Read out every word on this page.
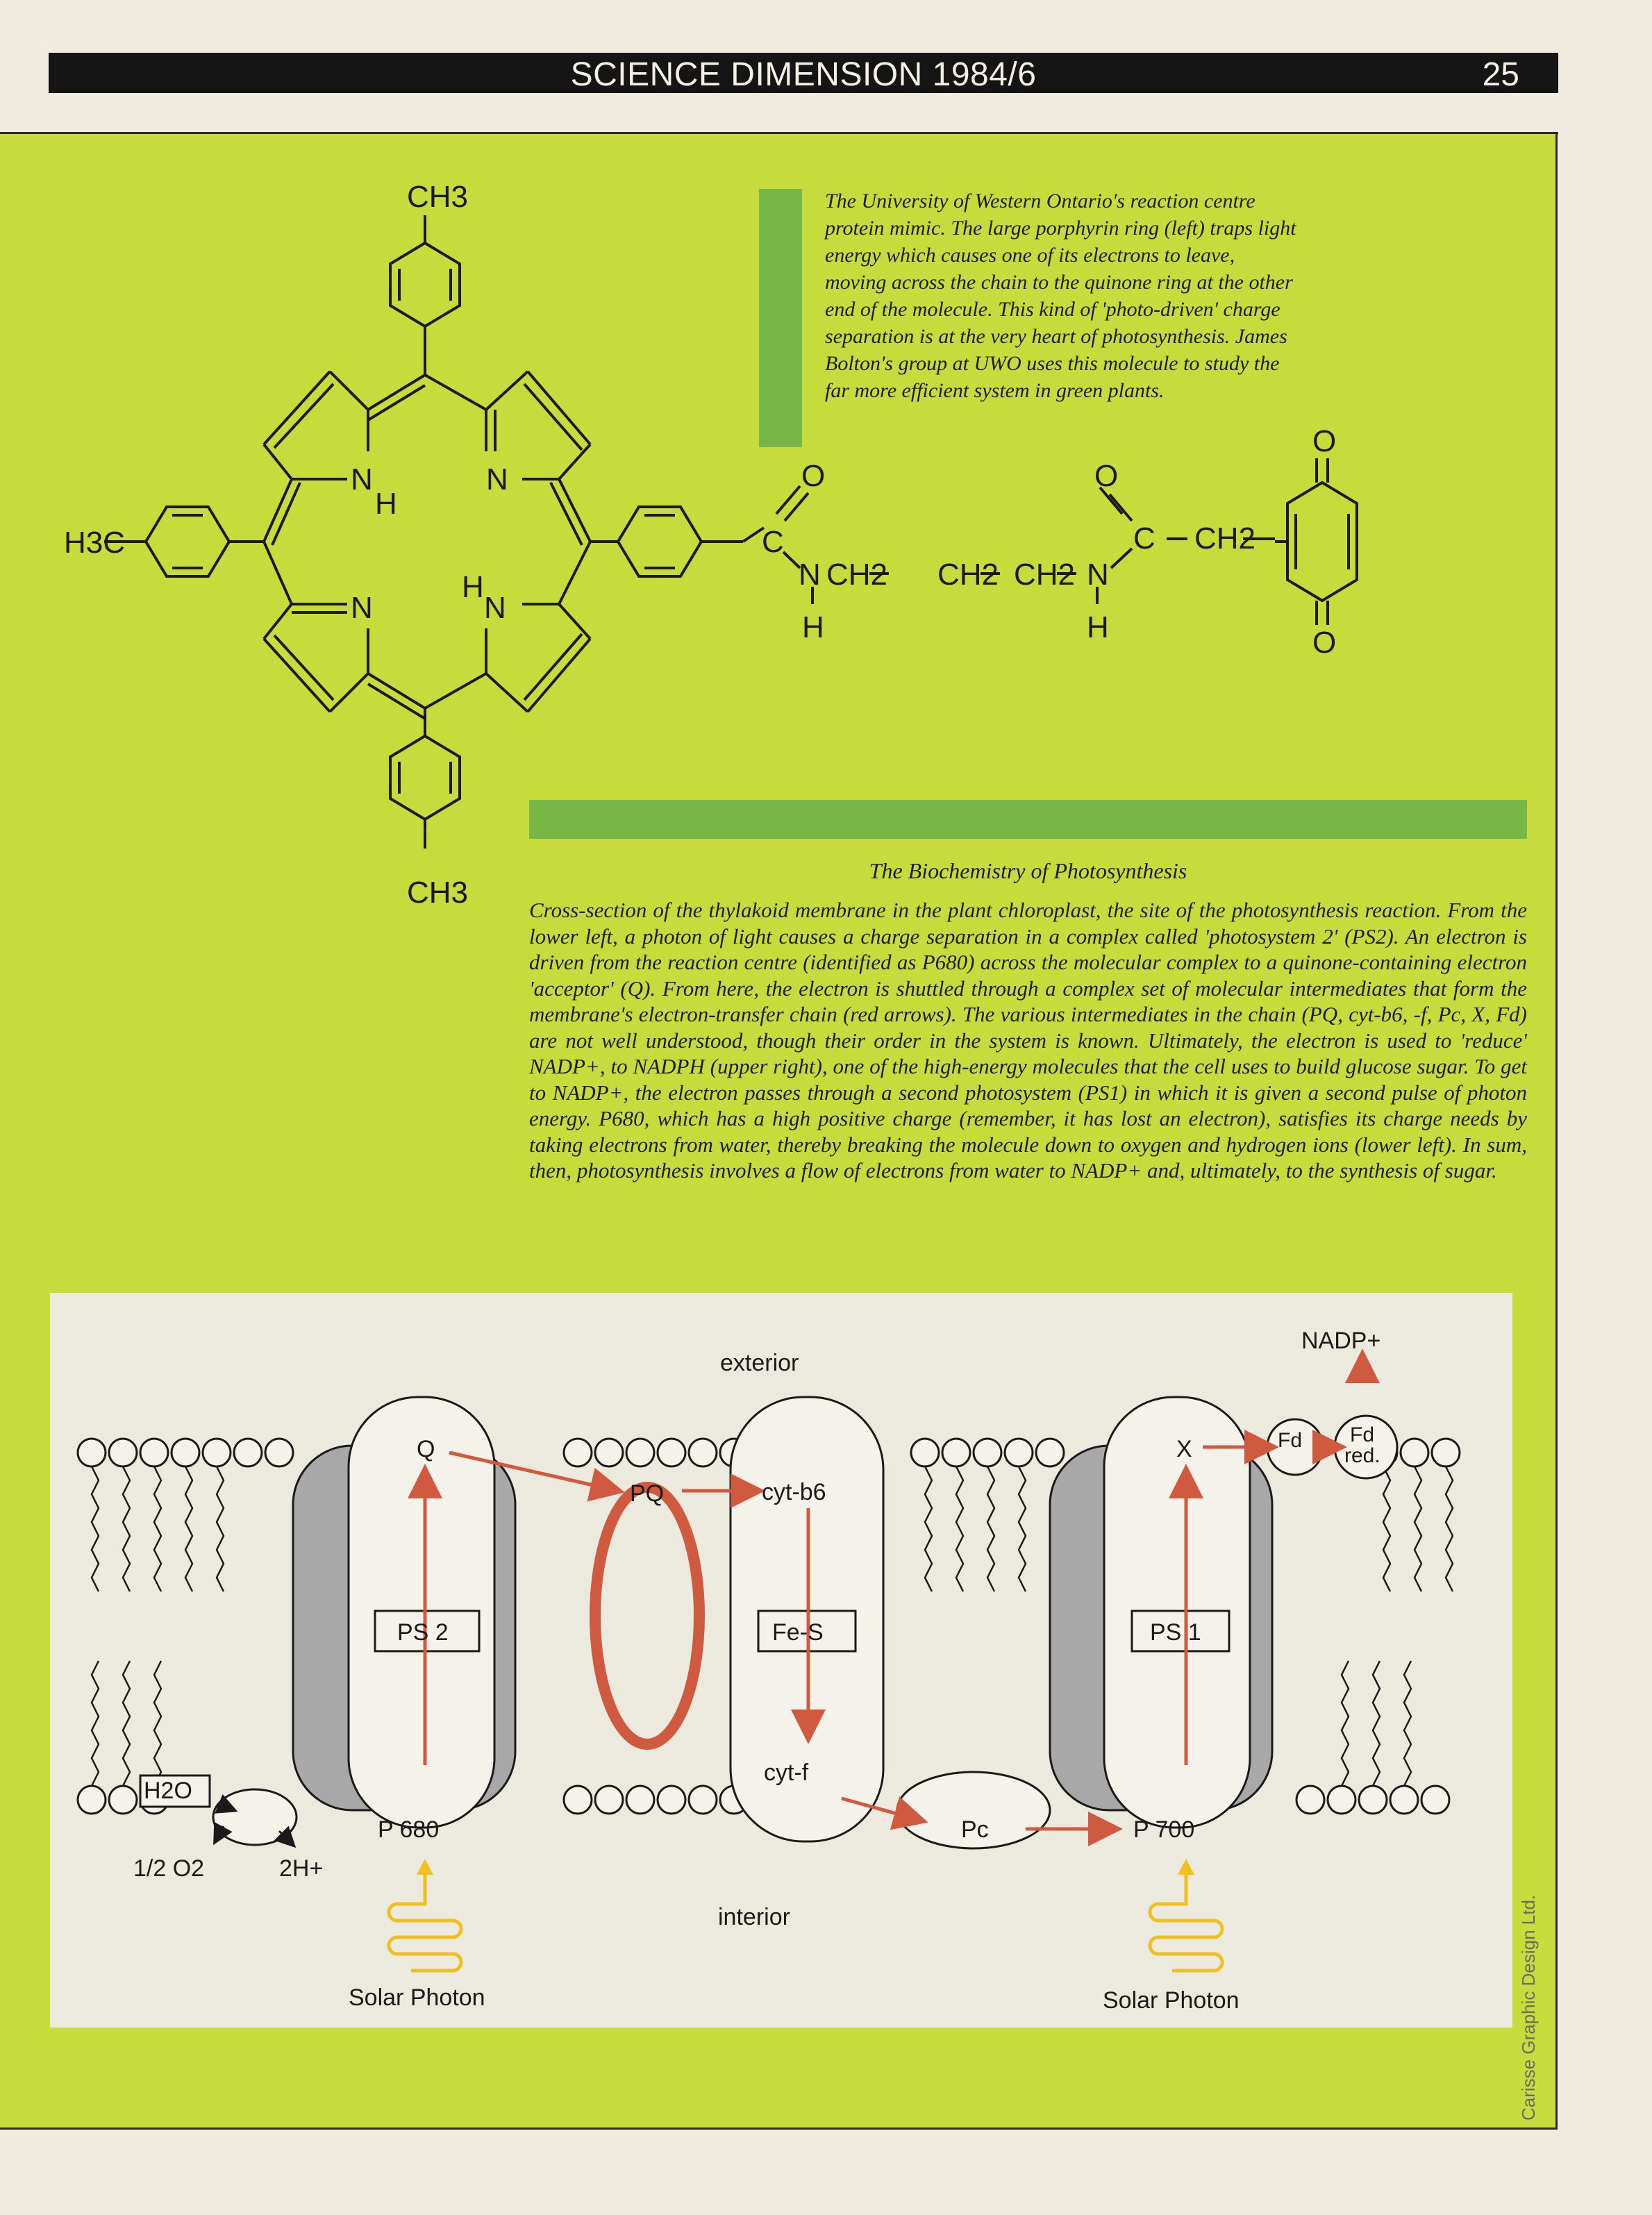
SCIENCE DIMENSION 1984/6	25
CH3
CH3
H3C
N
H
N
N
H
N
O
C
N CH2 CH2 CH2 N
H	H
O
C CH2
O
O
The University of Western Ontario's reaction centre protein mimic. The large porphyrin ring (left) traps light energy which causes one of its electrons to leave, moving across the chain to the quinone ring at the other end of the molecule. This kind of 'photo-driven' charge separation is at the very heart of photosynthesis. James Bolton's group at UWO uses this molecule to study the far more efficient system in green plants.
The Biochemistry of Photosynthesis
Cross-section of the thylakoid membrane in the plant chloroplast, the site of the photosynthesis reaction. From the lower left, a photon of light causes a charge separation in a complex called 'photosystem 2' (PS2). An electron is driven from the reaction centre (identified as P680) across the molecular complex to a quinone-containing electron 'acceptor' (Q). From here, the electron is shuttled through a complex set of molecular intermediates that form the membrane's electron-transfer chain (red arrows). The various intermediates in the chain (PQ, cyt-b6, -f, Pc, X, Fd) are not well understood, though their order in the system is known. Ultimately, the electron is used to 'reduce' NADP+, to NADPH (upper right), one of the high-energy molecules that the cell uses to build glucose sugar. To get to NADP+, the electron passes through a second photosystem (PS1) in which it is given a second pulse of photon energy. P680, which has a high positive charge (remember, it has lost an electron), satisfies its charge needs by taking electrons from water, thereby breaking the molecule down to oxygen and hydrogen ions (lower left). In sum, then, photosynthesis involves a flow of electrons from water to NADP+ and, ultimately, to the synthesis of sugar.
exterior
interior
PS 2	PS 1
Q
PQ	cyt-b6
Fe-S
cyt-f
Pc
P 680	P 700
X	Fd Fd
red.
NADP+
H2O
1/2 O2	2H+
Solar Photon	Solar Photon	Carisse Graphic Design Ltd.
